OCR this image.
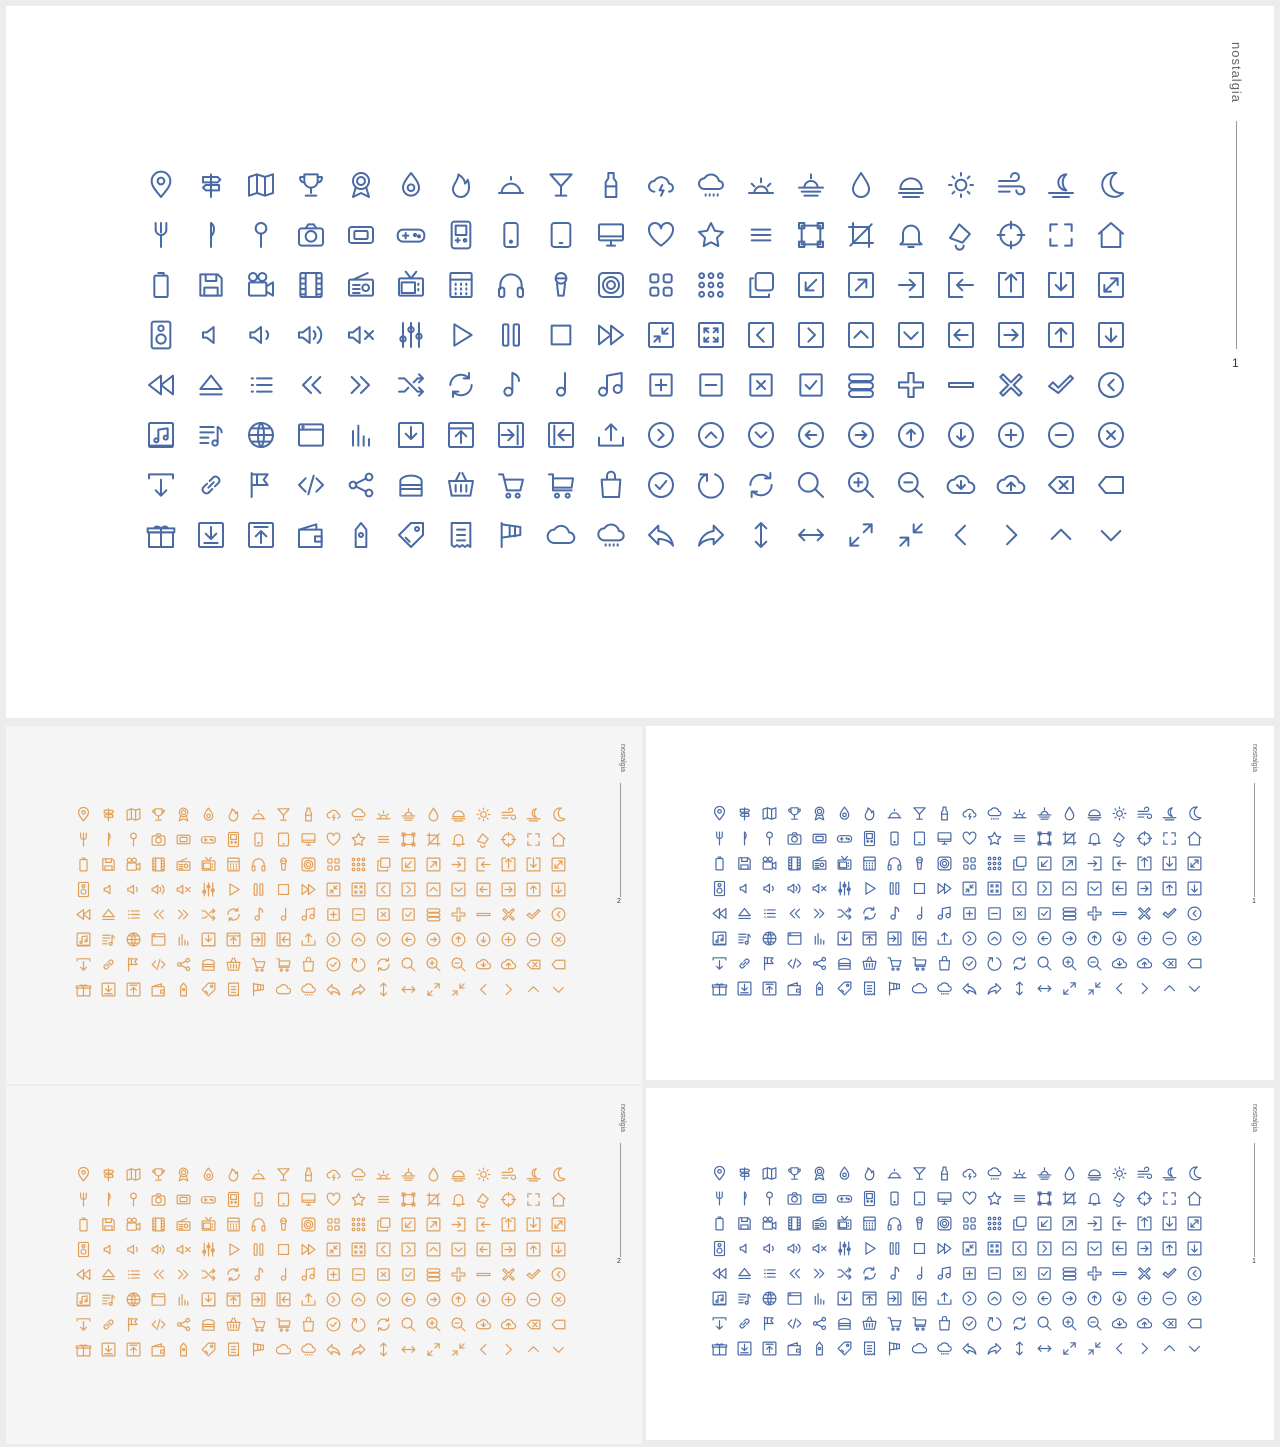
nostalgia
1
nostalgia
2
nostalgia
1
nostalgia
2
nostalgia
1
